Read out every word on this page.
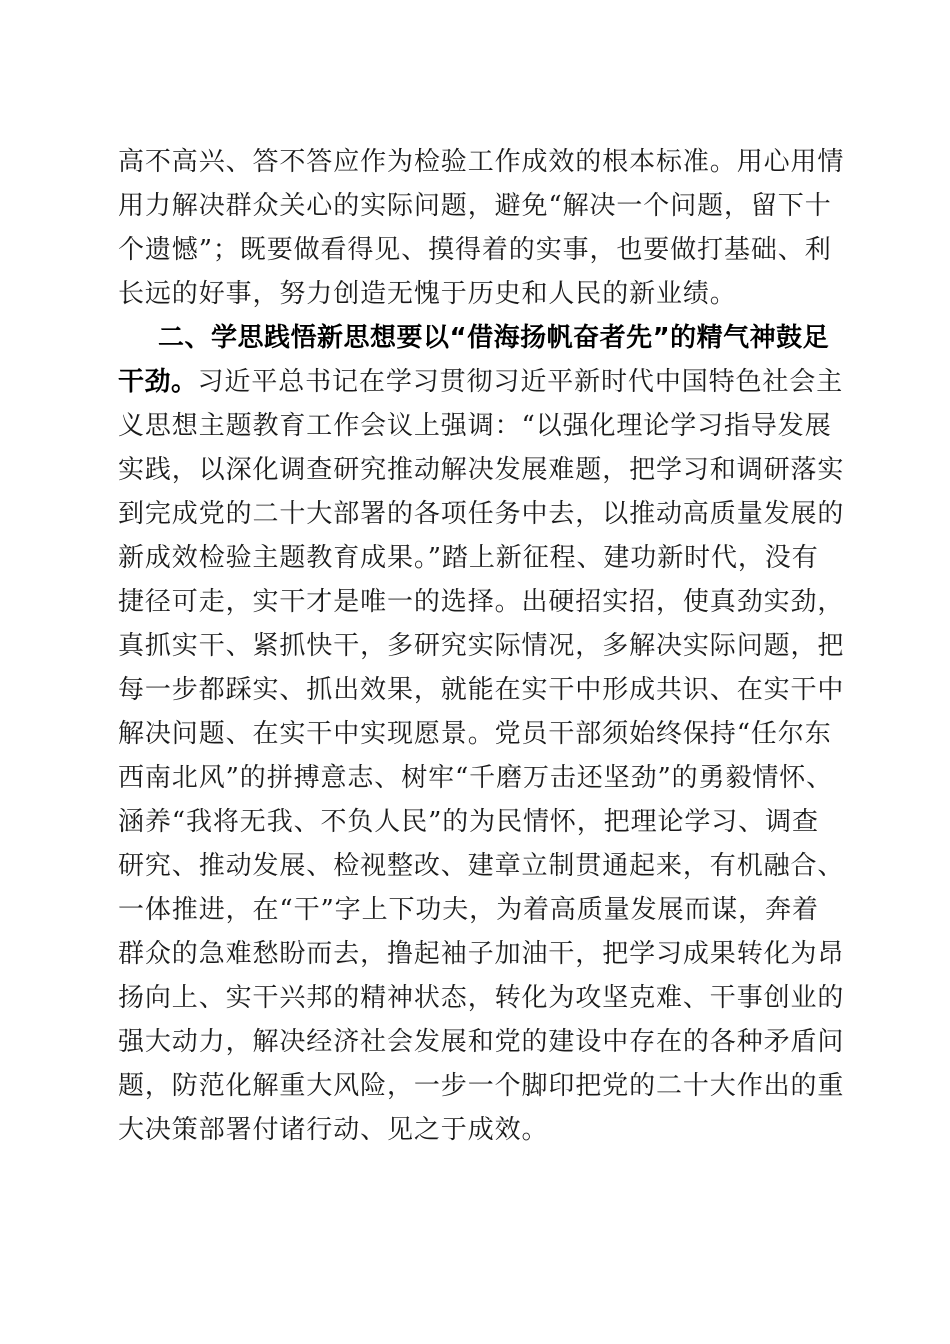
高不高兴、答不答应作为检验工作成效的根本标准。用心用情
用力解决群众关心的实际问题，避免“解决一个问题，留下十
个遗憾”；既要做看得见、摸得着的实事，也要做打基础、利
长远的好事，努力创造无愧于历史和人民的新业绩。
二、学思践悟新思想要以“借海扬帆奋者先”的精气神鼓足
干劲。习近平总书记在学习贯彻习近平新时代中国特色社会主
义思想主题教育工作会议上强调：“以强化理论学习指导发展
实践，以深化调查研究推动解决发展难题，把学习和调研落实
到完成党的二十大部署的各项任务中去，以推动高质量发展的
新成效检验主题教育成果。”踏上新征程、建功新时代，没有
捷径可走，实干才是唯一的选择。出硬招实招，使真劲实劲，
真抓实干、紧抓快干，多研究实际情况，多解决实际问题，把
每一步都踩实、抓出效果，就能在实干中形成共识、在实干中
解决问题、在实干中实现愿景。党员干部须始终保持“任尔东
西南北风”的拼搏意志、树牢“千磨万击还坚劲”的勇毅情怀、
涵养“我将无我、不负人民”的为民情怀，把理论学习、调查
研究、推动发展、检视整改、建章立制贯通起来，有机融合、
一体推进，在“干”字上下功夫，为着高质量发展而谋，奔着
群众的急难愁盼而去，撸起袖子加油干，把学习成果转化为昂
扬向上、实干兴邦的精神状态，转化为攻坚克难、干事创业的
强大动力，解决经济社会发展和党的建设中存在的各种矛盾问
题，防范化解重大风险，一步一个脚印把党的二十大作出的重
大决策部署付诸行动、见之于成效。
